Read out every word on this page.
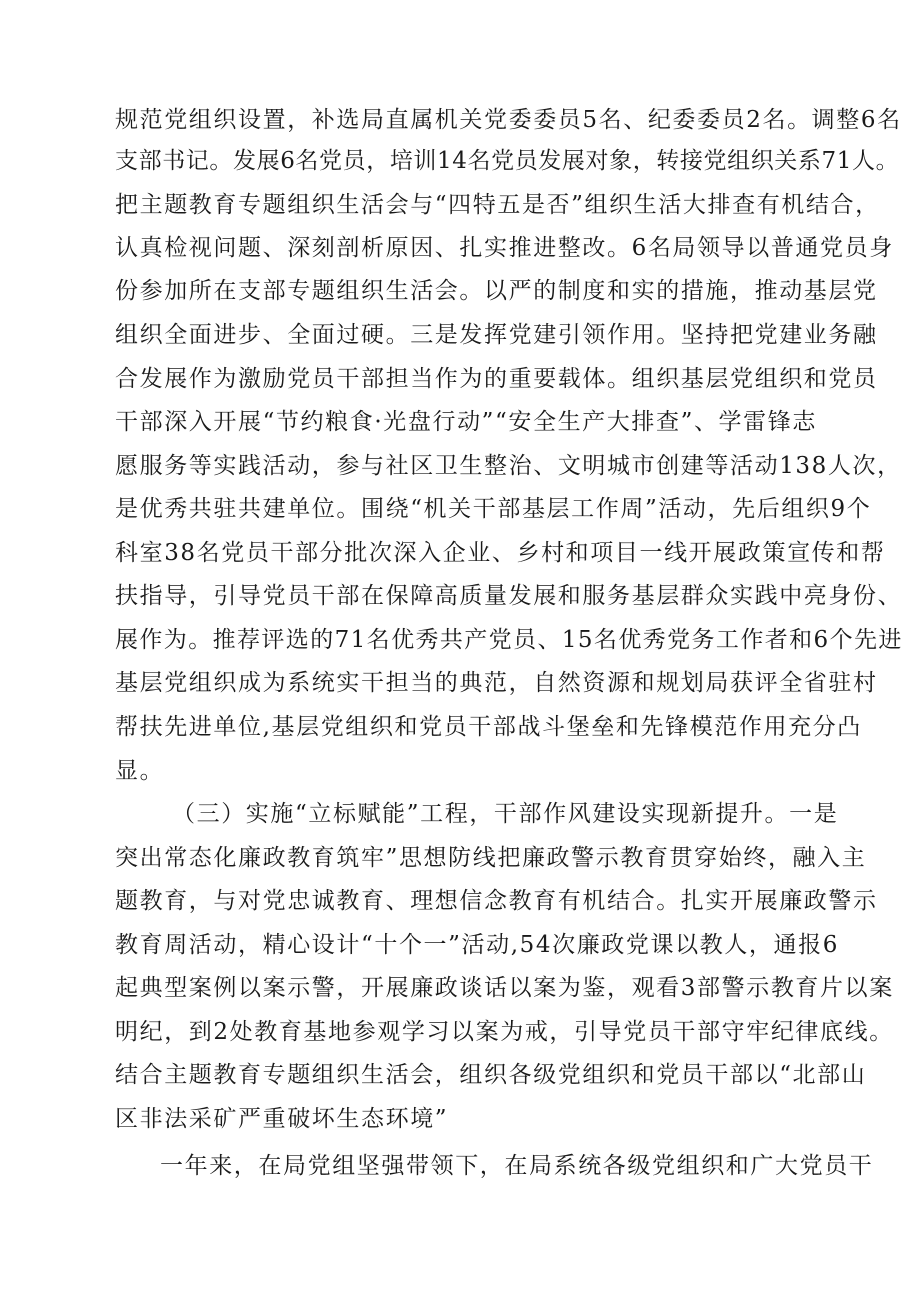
规范党组织设置，补选局直属机关党委委员5名、纪委委员2名。调整6名
支部书记。发展6名党员，培训14名党员发展对象，转接党组织关系71人。
把主题教育专题组织生活会与“四特五是否”组织生活大排查有机结合，
认真检视问题、深刻剖析原因、扎实推进整改。6名局领导以普通党员身
份参加所在支部专题组织生活会。以严的制度和实的措施，推动基层党
组织全面进步、全面过硬。三是发挥党建引领作用。坚持把党建业务融
合发展作为激励党员干部担当作为的重要载体。组织基层党组织和党员
干部深入开展“节约粮食·光盘行动”“安全生产大排查”、学雷锋志
愿服务等实践活动，参与社区卫生整治、文明城市创建等活动138人次，
是优秀共驻共建单位。围绕“机关干部基层工作周”活动，先后组织9个
科室38名党员干部分批次深入企业、乡村和项目一线开展政策宣传和帮
扶指导，引导党员干部在保障高质量发展和服务基层群众实践中亮身份、
展作为。推荐评选的71名优秀共产党员、15名优秀党务工作者和6个先进
基层党组织成为系统实干担当的典范，自然资源和规划局获评全省驻村
帮扶先进单位,基层党组织和党员干部战斗堡垒和先锋模范作用充分凸
显。
（三）实施“立标赋能”工程，干部作风建设实现新提升。一是
突出常态化廉政教育筑牢”思想防线把廉政警示教育贯穿始终，融入主
题教育，与对党忠诚教育、理想信念教育有机结合。扎实开展廉政警示
教育周活动，精心设计“十个一”活动,54次廉政党课以教人，通报6
起典型案例以案示警，开展廉政谈话以案为鉴，观看3部警示教育片以案
明纪，到2处教育基地参观学习以案为戒，引导党员干部守牢纪律底线。
结合主题教育专题组织生活会，组织各级党组织和党员干部以“北部山
区非法采矿严重破坏生态环境”
一年来，在局党组坚强带领下，在局系统各级党组织和广大党员干
